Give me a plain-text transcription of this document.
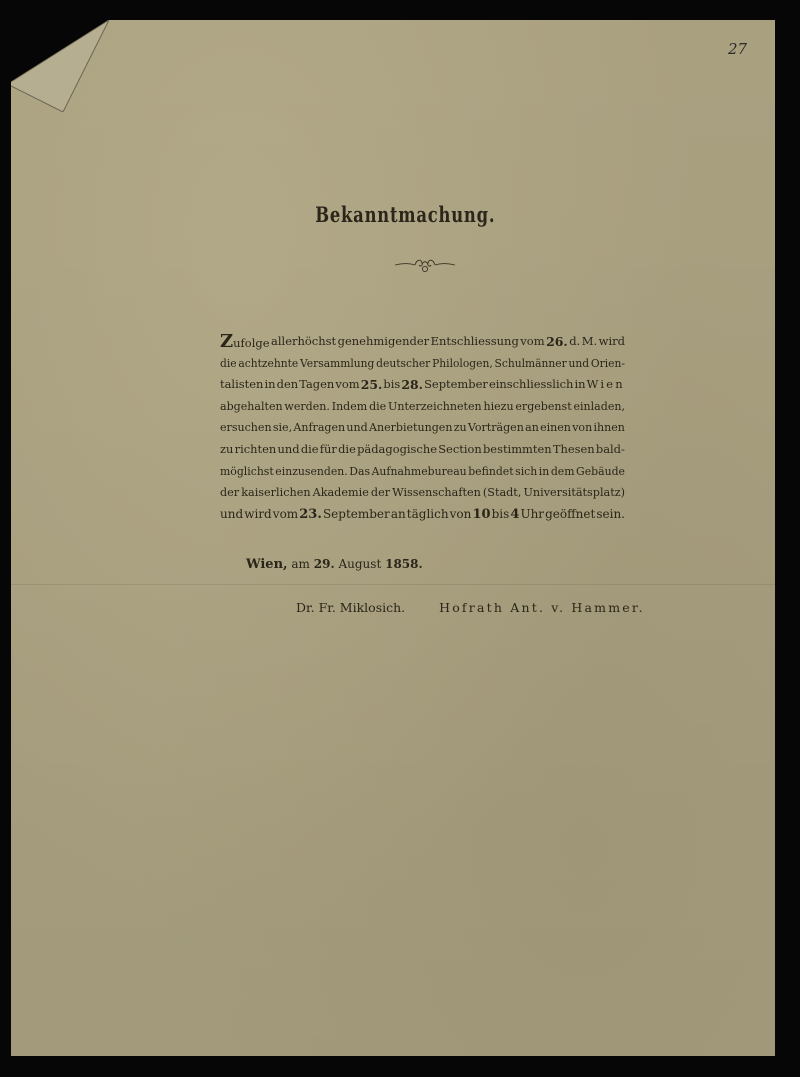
27
Bekanntmachung.
Zufolge allerhöchst genehmigender Entschliessung vom 26. d. M. wird
die achtzehnte Versammlung deutscher Philologen, Schulmänner und Orien-
talisten in den Tagen vom 25. bis 28. September einschliesslich in Wien
abgehalten werden. Indem die Unterzeichneten hiezu ergebenst einladen,
ersuchen sie, Anfragen und Anerbietungen zu Vorträgen an einen von ihnen
zu richten und die für die pädagogische Section bestimmten Thesen bald-
möglichst einzusenden. Das Aufnahmebureau befindet sich in dem Gebäude
der kaiserlichen Akademie der Wissenschaften (Stadt, Universitätsplatz)
und wird vom 23. September an täglich von 10 bis 4 Uhr geöffnet sein.
Wien, am 29. August 1858.
Dr. Fr. Miklosich.	Hofrath Ant. v. Hammer.
